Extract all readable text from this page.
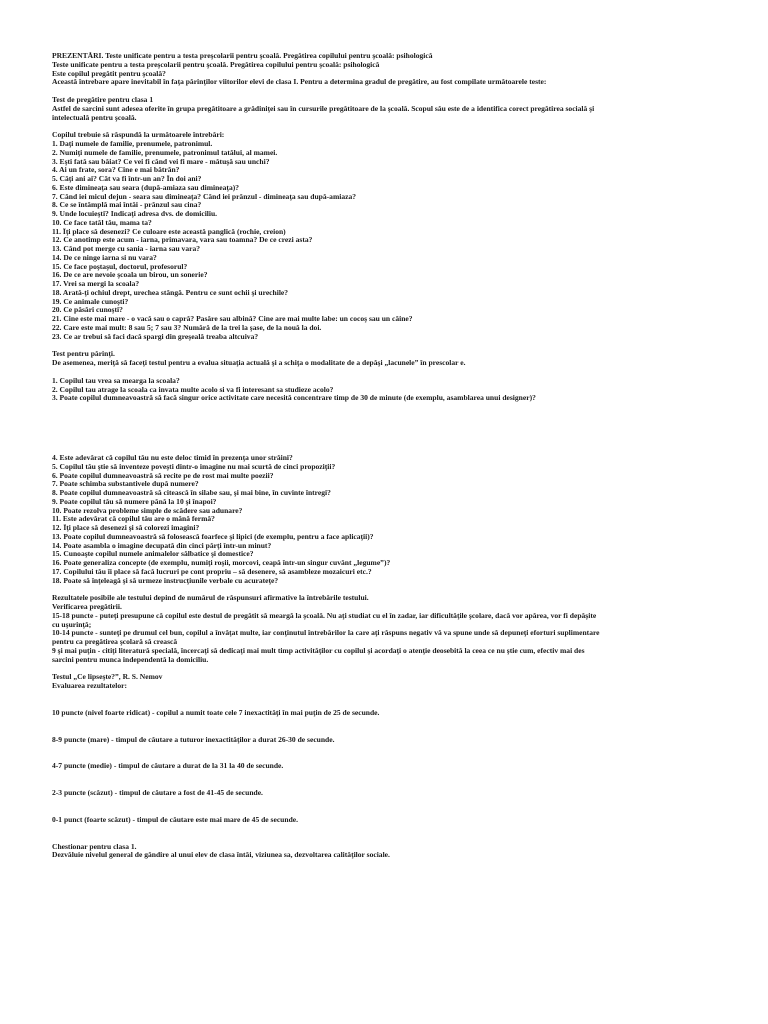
PREZENTĂRI. Teste unificate pentru a testa preşcolarii pentru şcoală. Pregătirea copilului pentru şcoală: psihologică
Teste unificate pentru a testa preşcolarii pentru şcoală. Pregătirea copilului pentru şcoală: psihologică
Este copilul pregătit pentru şcoală?
Această întrebare apare inevitabil în faţa părinţilor viitorilor elevi de clasa I. Pentru a determina gradul de pregătire, au fost compilate următoarele teste:
Test de pregătire pentru clasa 1
Astfel de sarcini sunt adesea oferite în grupa pregătitoare a grădiniţei sau în cursurile pregătitoare de la şcoală. Scopul său este de a identifica corect pregătirea socială şi
intelectuală pentru şcoală.
Copilul trebuie să răspundă la următoarele întrebări:
1. Daţi numele de familie, prenumele, patronimul.
2. Numiţi numele de familie, prenumele, patronimul tatălui, al mamei.
3. Eşti fată sau băiat? Ce vei fi când vei fi mare - mătuşă sau unchi?
4. Ai un frate, sora? Cine e mai bătrân?
5. Câţi ani ai? Cât va fi într-un an? În doi ani?
6. Este dimineaţa sau seara (după-amiaza sau dimineaţa)?
7. Când iei micul dejun - seara sau dimineaţa? Când iei prânzul - dimineaţa sau după-amiaza?
8. Ce se întâmplă mai întâi - prânzul sau cina?
9. Unde locuieşti? Indicaţi adresa dvs. de domiciliu.
10. Ce face tatăl tău, mama ta?
11. Îţi place să desenezi? Ce culoare este această panglică (rochie, creion)
12. Ce anotimp este acum - iarna, primavara, vara sau toamna? De ce crezi asta?
13. Când pot merge cu sania - iarna sau vara?
14. De ce ninge iarna si nu vara?
15. Ce face poştaşul, doctorul, profesorul?
16. De ce are nevoie şcoala un birou, un sonerie?
17. Vrei sa mergi la scoala?
18. Arată-ţi ochiul drept, urechea stângă. Pentru ce sunt ochii şi urechile?
19. Ce animale cunoşti?
20. Ce păsări cunoşti?
21. Cine este mai mare - o vacă sau o capră? Pasăre sau albină? Cine are mai multe labe: un cocoş sau un câine?
22. Care este mai mult: 8 sau 5; 7 sau 3? Numără de la trei la şase, de la nouă la doi.
23. Ce ar trebui să faci dacă spargi din greşeală treaba altcuiva?
Test pentru părinţi.
De asemenea, meriţă să faceţi testul pentru a evalua situaţia actuală şi a schiţa o modalitate de a depăşi „lacunele” în prescolar e.
1. Copilul tau vrea sa mearga la scoala?
2. Copilul tau atrage la scoala ca invata multe acolo si va fi interesant sa studieze acolo?
3. Poate copilul dumneavoastră să facă singur orice activitate care necesită concentrare timp de 30 de minute (de exemplu, asamblarea unui designer)?
4. Este adevărat că copilul tău nu este deloc timid în prezenţa unor străini?
5. Copilul tău ştie să inventeze poveşti dintr-o imagine nu mai scurtă de cinci propoziţii?
6. Poate copilul dumneavoastră să recite pe de rost mai multe poezii?
7. Poate schimba substantivele după numere?
8. Poate copilul dumneavoastră să citească în silabe sau, şi mai bine, în cuvinte întregi?
9. Poate copilul tău să numere până la 10 şi înapoi?
10. Poate rezolva probleme simple de scădere sau adunare?
11. Este adevărat că copilul tău are o mână fermă?
12. Îţi place să desenezi şi să colorezi imagini?
13. Poate copilul dumneavoastră să folosească foarfece şi lipici (de exemplu, pentru a face aplicaţii)?
14. Poate asambla o imagine decupată din cinci părţi într-un minut?
15. Cunoaşte copilul numele animalelor sălbatice şi domestice?
16. Poate generaliza concepte (de exemplu, numiţi roşii, morcovi, ceapă într-un singur cuvânt „legume”)?
17. Copilului tău îi place să facă lucruri pe cont propriu – să desenere, să asambleze mozaicuri etc.?
18. Poate să înţeleagă şi să urmeze instrucţiunile verbale cu acurateţe?
Rezultatele posibile ale testului depind de numărul de răspunsuri afirmative la întrebările testului.
Verificarea pregătirii.
15-18 puncte - puteţi presupune că copilul este destul de pregătit să meargă la şcoală. Nu aţi studiat cu el în zadar, iar dificultăţile şcolare, dacă vor apărea, vor fi depăşite
cu uşurinţă;
10-14 puncte - sunteţi pe drumul cel bun, copilul a învăţat multe, iar conţinutul întrebărilor la care aţi răspuns negativ vă va spune unde să depuneţi eforturi suplimentare
pentru ca pregătirea şcolară să crească
9 şi mai puţin - citiţi literatură specială, încercaţi să dedicaţi mai mult timp activităţilor cu copilul şi acordaţi o atenţie deosebită la ceea ce nu ştie cum, efectiv mai des
sarcini pentru munca independentă la domiciliu.
Testul „Ce lipseşte?”, R. S. Nemov
Evaluarea rezultatelor:
10 puncte (nivel foarte ridicat) - copilul a numit toate cele 7 inexactităţi în mai puţin de 25 de secunde.
8-9 puncte (mare) - timpul de căutare a tuturor inexactităţilor a durat 26-30 de secunde.
4-7 puncte (medie) - timpul de căutare a durat de la 31 la 40 de secunde.
2-3 puncte (scăzut) - timpul de căutare a fost de 41-45 de secunde.
0-1 punct (foarte scăzut) - timpul de căutare este mai mare de 45 de secunde.
Chestionar pentru clasa 1.
Dezvăluie nivelul general de gândire al unui elev de clasa întâi, viziunea sa, dezvoltarea calităţilor sociale.
